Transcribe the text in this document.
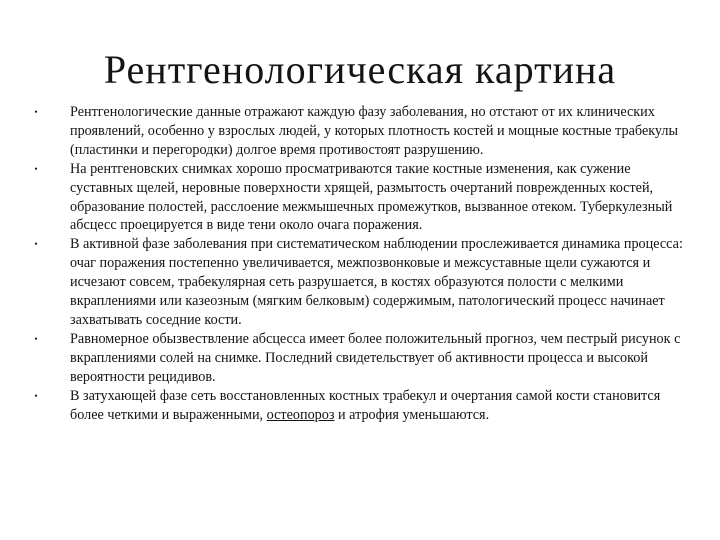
Рентгенологическая картина
• Рентгенологические данные отражают каждую фазу заболевания, но отстают от их клинических проявлений, особенно у взрослых людей, у которых плотность костей и мощные костные трабекулы (пластинки и перегородки) долгое время противостоят разрушению.
• На рентгеновских снимках хорошо просматриваются такие костные изменения, как сужение суставных щелей, неровные поверхности хрящей, размытость очертаний поврежденных костей, образование полостей, расслоение межмышечных промежутков, вызванное отеком. Туберкулезный абсцесс проецируется в виде тени около очага поражения.
• В активной фазе заболевания при систематическом наблюдении прослеживается динамика процесса: очаг поражения постепенно увеличивается, межпозвонковые и межсуставные щели сужаются и исчезают совсем, трабекулярная сеть разрушается, в костях образуются полости с мелкими вкраплениями или казеозным (мягким белковым) содержимым, патологический процесс начинает захватывать соседние кости.
• Равномерное обызвествление абсцесса имеет более положительный прогноз, чем пестрый рисунок с вкраплениями солей на снимке. Последний свидетельствует об активности процесса и высокой вероятности рецидивов.
• В затухающей фазе сеть восстановленных костных трабекул и очертания самой кости становится более четкими и выраженными, остеопороз и атрофия уменьшаются.
